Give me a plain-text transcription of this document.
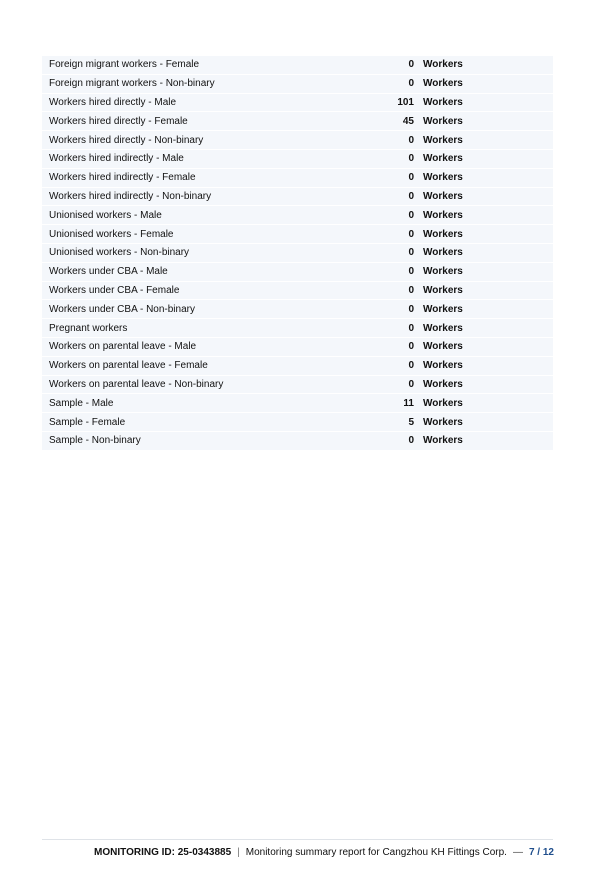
Foreign migrant workers - Female	0 Workers
Foreign migrant workers - Non-binary	0 Workers
Workers hired directly - Male	101 Workers
Workers hired directly - Female	45 Workers
Workers hired directly - Non-binary	0 Workers
Workers hired indirectly - Male	0 Workers
Workers hired indirectly - Female	0 Workers
Workers hired indirectly - Non-binary	0 Workers
Unionised workers - Male	0 Workers
Unionised workers - Female	0 Workers
Unionised workers - Non-binary	0 Workers
Workers under CBA - Male	0 Workers
Workers under CBA - Female	0 Workers
Workers under CBA - Non-binary	0 Workers
Pregnant workers	0 Workers
Workers on parental leave - Male	0 Workers
Workers on parental leave - Female	0 Workers
Workers on parental leave - Non-binary	0 Workers
Sample - Male	11 Workers
Sample - Female	5 Workers
Sample - Non-binary	0 Workers
MONITORING ID: 25-0343885 | Monitoring summary report for Cangzhou KH Fittings Corp. — 7 / 12
